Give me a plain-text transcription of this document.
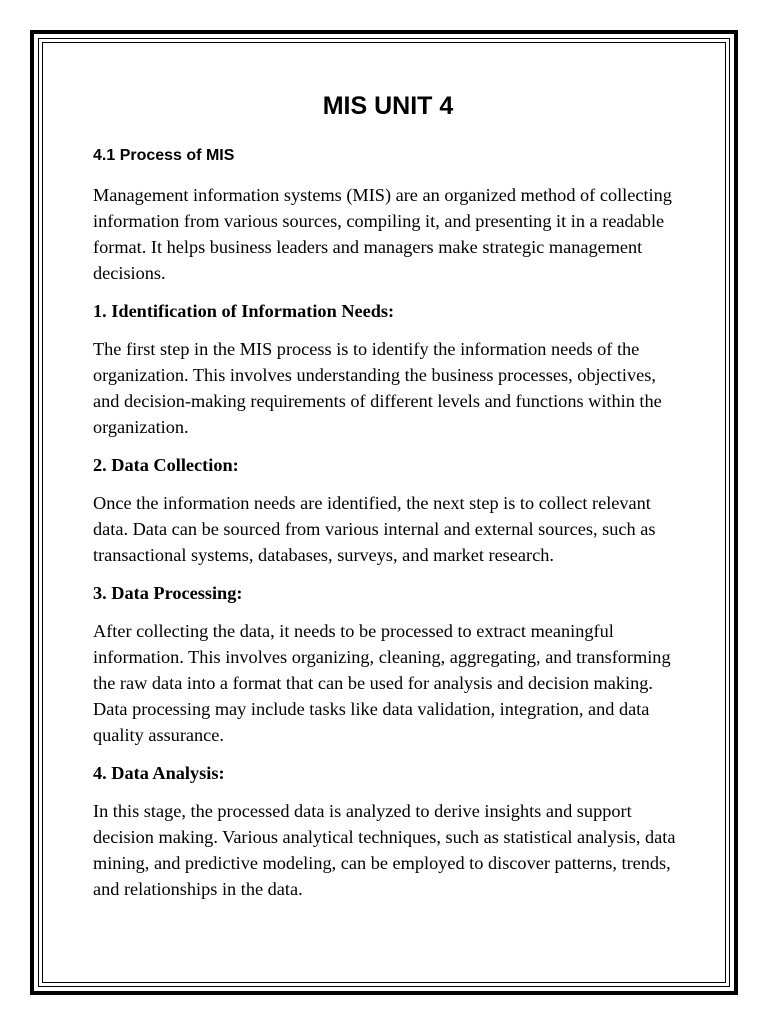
MIS UNIT 4
4.1 Process of MIS

Management information systems (MIS) are an organized method of collecting information from various sources, compiling it, and presenting it in a readable format. It helps business leaders and managers make strategic management decisions.

1. Identification of Information Needs:

The first step in the MIS process is to identify the information needs of the organization. This involves understanding the business processes, objectives, and decision-making requirements of different levels and functions within the organization.

2. Data Collection:

Once the information needs are identified, the next step is to collect relevant data. Data can be sourced from various internal and external sources, such as transactional systems, databases, surveys, and market research.

3. Data Processing:

After collecting the data, it needs to be processed to extract meaningful information. This involves organizing, cleaning, aggregating, and transforming the raw data into a format that can be used for analysis and decision making. Data processing may include tasks like data validation, integration, and data quality assurance.

4. Data Analysis:

In this stage, the processed data is analyzed to derive insights and support decision making. Various analytical techniques, such as statistical analysis, data mining, and predictive modeling, can be employed to discover patterns, trends, and relationships in the data.
